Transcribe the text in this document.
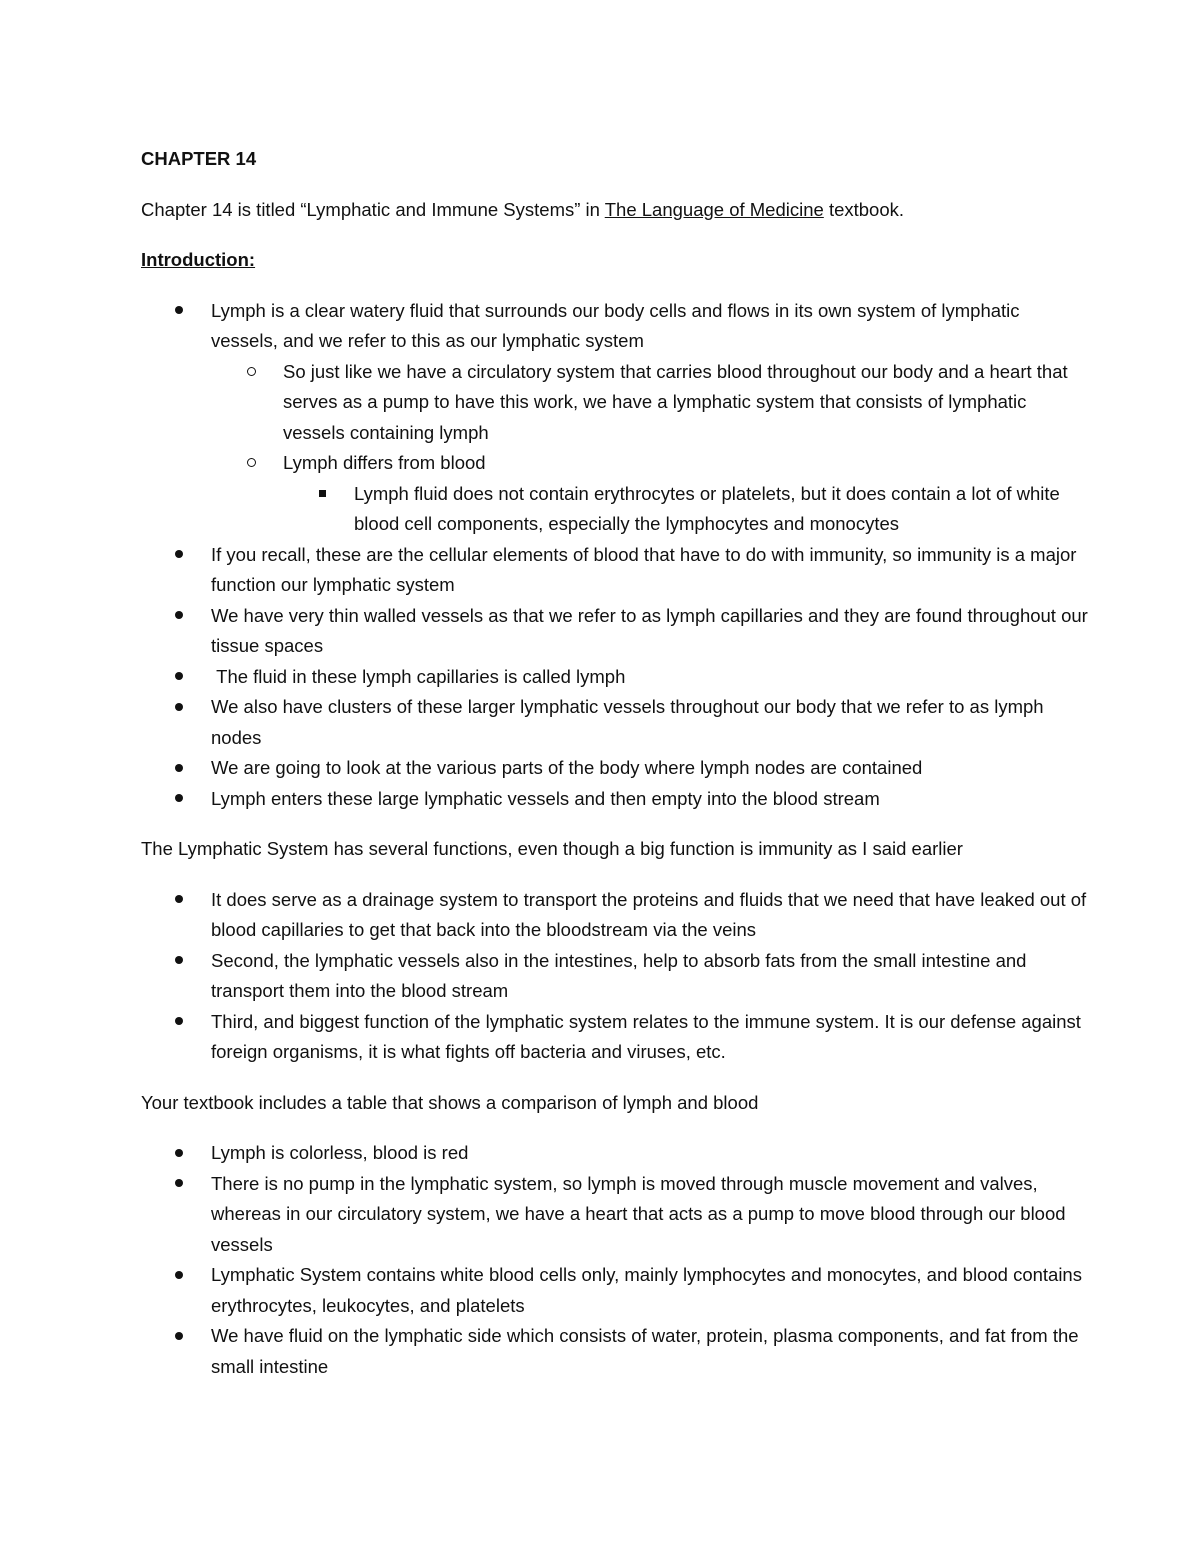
CHAPTER 14
Chapter 14 is titled “Lymphatic and Immune Systems” in The Language of Medicine textbook.
Introduction:
Lymph is a clear watery fluid that surrounds our body cells and flows in its own system of lymphatic vessels, and we refer to this as our lymphatic system
So just like we have a circulatory system that carries blood throughout our body and a heart that serves as a pump to have this work, we have a lymphatic system that consists of lymphatic vessels containing lymph
Lymph differs from blood
Lymph fluid does not contain erythrocytes or platelets, but it does contain a lot of white blood cell components, especially the lymphocytes and monocytes
If you recall, these are the cellular elements of blood that have to do with immunity, so immunity is a major function our lymphatic system
We have very thin walled vessels as that we refer to as lymph capillaries and they are found throughout our tissue spaces
The fluid in these lymph capillaries is called lymph
We also have clusters of these larger lymphatic vessels throughout our body that we refer to as lymph nodes
We are going to look at the various parts of the body where lymph nodes are contained
Lymph enters these large lymphatic vessels and then empty into the blood stream
The Lymphatic System has several functions, even though a big function is immunity as I said earlier
It does serve as a drainage system to transport the proteins and fluids that we need that have leaked out of blood capillaries to get that back into the bloodstream via the veins
Second, the lymphatic vessels also in the intestines, help to absorb fats from the small intestine and transport them into the blood stream
Third, and biggest function of the lymphatic system relates to the immune system. It is our defense against foreign organisms, it is what fights off bacteria and viruses, etc.
Your textbook includes a table that shows a comparison of lymph and blood
Lymph is colorless, blood is red
There is no pump in the lymphatic system, so lymph is moved through muscle movement and valves, whereas in our circulatory system, we have a heart that acts as a pump to move blood through our blood vessels
Lymphatic System contains white blood cells only, mainly lymphocytes and monocytes, and blood contains erythrocytes, leukocytes, and platelets
We have fluid on the lymphatic side which consists of water, protein, plasma components, and fat from the small intestine
